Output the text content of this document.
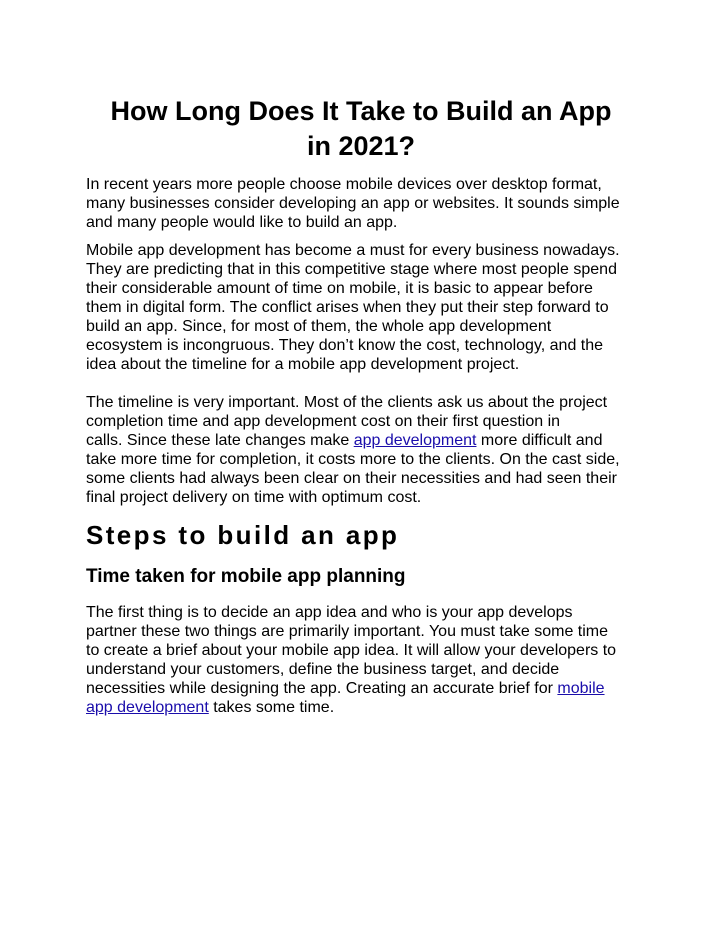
How Long Does It Take to Build an App
in 2021?

In recent years more people choose mobile devices over desktop format,
many businesses consider developing an app or websites. It sounds simple
and many people would like to build an app.

Mobile app development has become a must for every business nowadays.
They are predicting that in this competitive stage where most people spend
their considerable amount of time on mobile, it is basic to appear before
them in digital form. The conflict arises when they put their step forward to
build an app. Since, for most of them, the whole app development
ecosystem is incongruous. They don’t know the cost, technology, and the
idea about the timeline for a mobile app development project.

The timeline is very important. Most of the clients ask us about the project
completion time and app development cost on their first question in
calls. Since these late changes make app development more difficult and
take more time for completion, it costs more to the clients. On the cast side,
some clients had always been clear on their necessities and had seen their
final project delivery on time with optimum cost.

Steps to build an app
Time taken for mobile app planning

The first thing is to decide an app idea and who is your app develops
partner these two things are primarily important. You must take some time
to create a brief about your mobile app idea. It will allow your developers to
understand your customers, define the business target, and decide
necessities while designing the app. Creating an accurate brief for mobile
app development takes some time.
